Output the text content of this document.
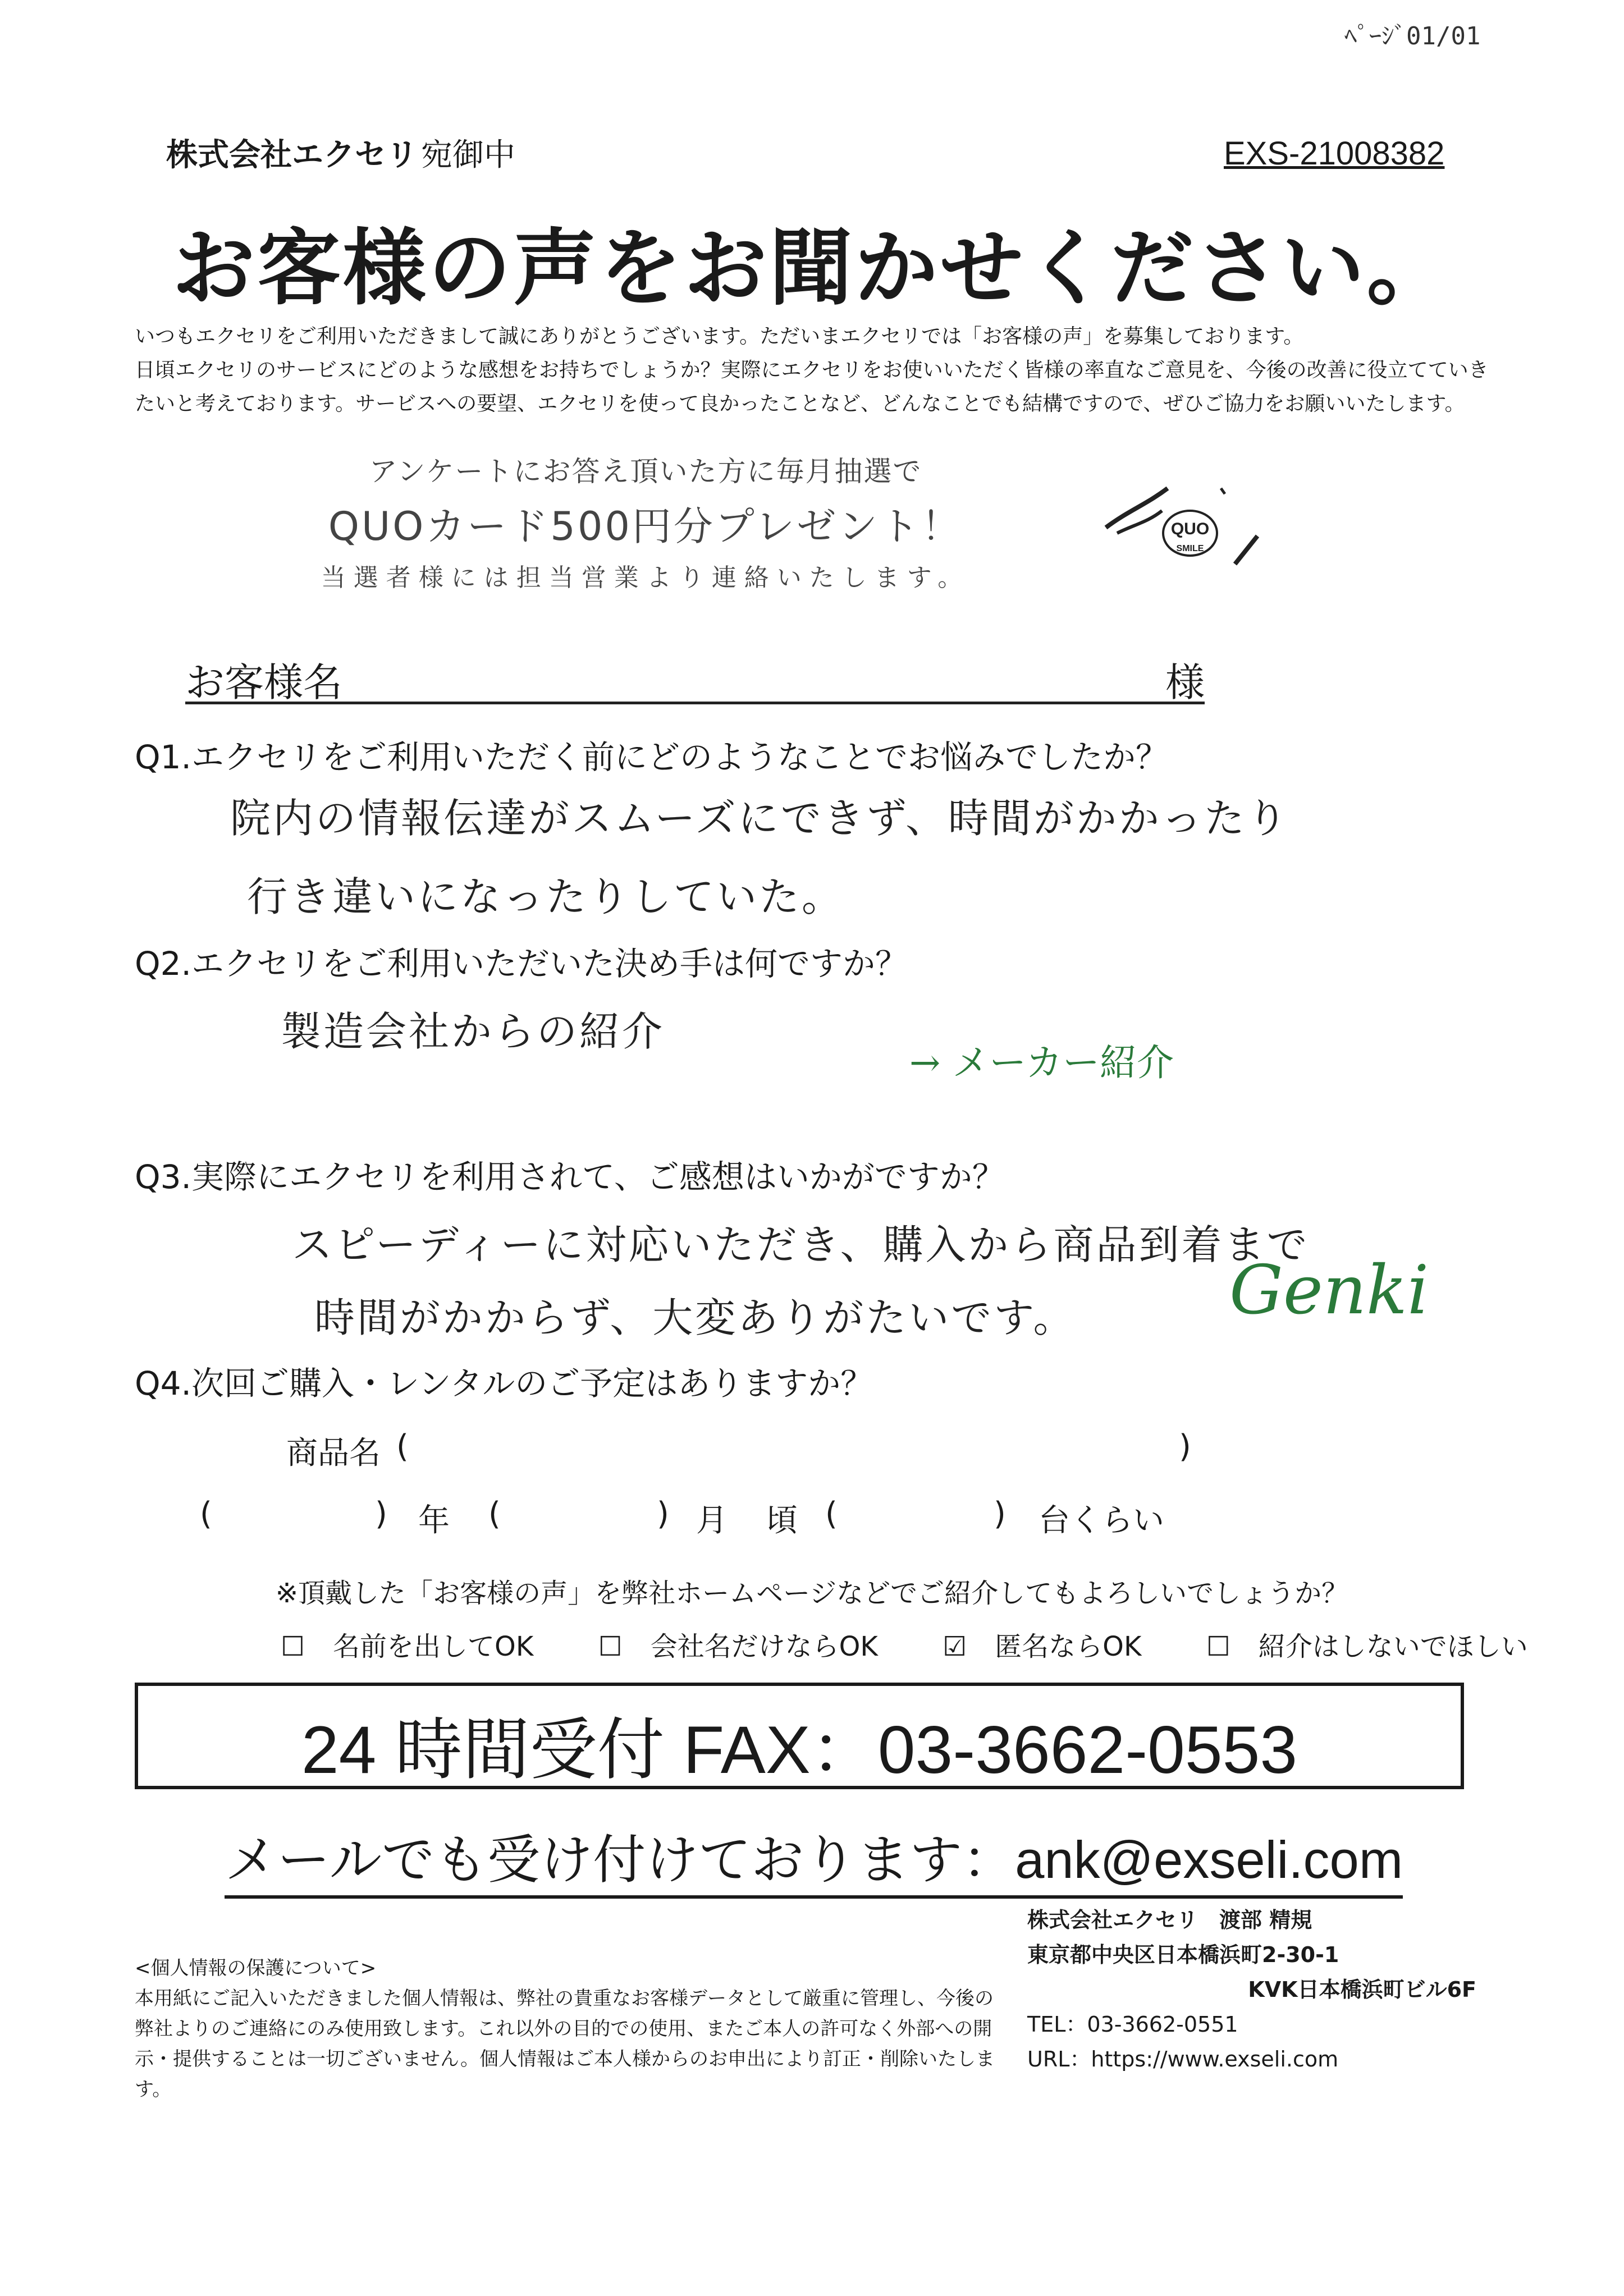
ﾍﾟｰｼﾞ01/01
株式会社エクセリ 宛御中	EXS-21008382
お客様の声をお聞かせください。
いつもエクセリをご利用いただきまして誠にありがとうございます。ただいまエクセリでは「お客様の声」を募集しております。
日頃エクセリのサービスにどのような感想をお持ちでしょうか？実際にエクセリをお使いいただく皆様の率直なご意見を、今後の改善に役立てていきたいと考えております。サービスへの要望、エクセリを使って良かったことなど、どんなことでも結構ですので、ぜひご協力をお願いいたします。
アンケートにお答え頂いた方に毎月抽選で
QUOカード500円分プレゼント！
当選者様には担当営業より連絡いたします。
QUO
SMILE
お客様名	様
Q1.エクセリをご利用いただく前にどのようなことでお悩みでしたか？
院内の情報伝達がスムーズにできず、時間がかかったり
行き違いになったりしていた。
Q2.エクセリをご利用いただいた決め手は何ですか？
製造会社からの紹介
→ メーカー紹介
Q3.実際にエクセリを利用されて、ご感想はいかがですか？
スピーディーに対応いただき、購入から商品到着まで
時間がかからず、大変ありがたいです。 Genki
Q4.次回ご購入・レンタルのご予定はありますか？
商品名 (	)
(	) 年 (	) 月 頃 (	) 台くらい
※頂戴した「お客様の声」を弊社ホームページなどでご紹介してもよろしいでしょうか？
☐ 名前を出してOK ☐ 会社名だけならOK ☑ 匿名ならOK ☐ 紹介はしないでほしい
24 時間受付 FAX：03-3662-0553
メールでも受け付けております：ank@exseli.com
<個人情報の保護について>
本用紙にご記入いただきました個人情報は、弊社の貴重なお客様データとして厳重に管理し、今後の弊社よりのご連絡にのみ使用致します。これ以外の目的での使用、またご本人の許可なく外部への開示・提供することは一切ございません。個人情報はご本人様からのお申出により訂正・削除いたします。
株式会社エクセリ　渡部 精規
東京都中央区日本橋浜町2-30-1
KVK日本橋浜町ビル6F
TEL：03-3662-0551
URL：https://www.exseli.com
